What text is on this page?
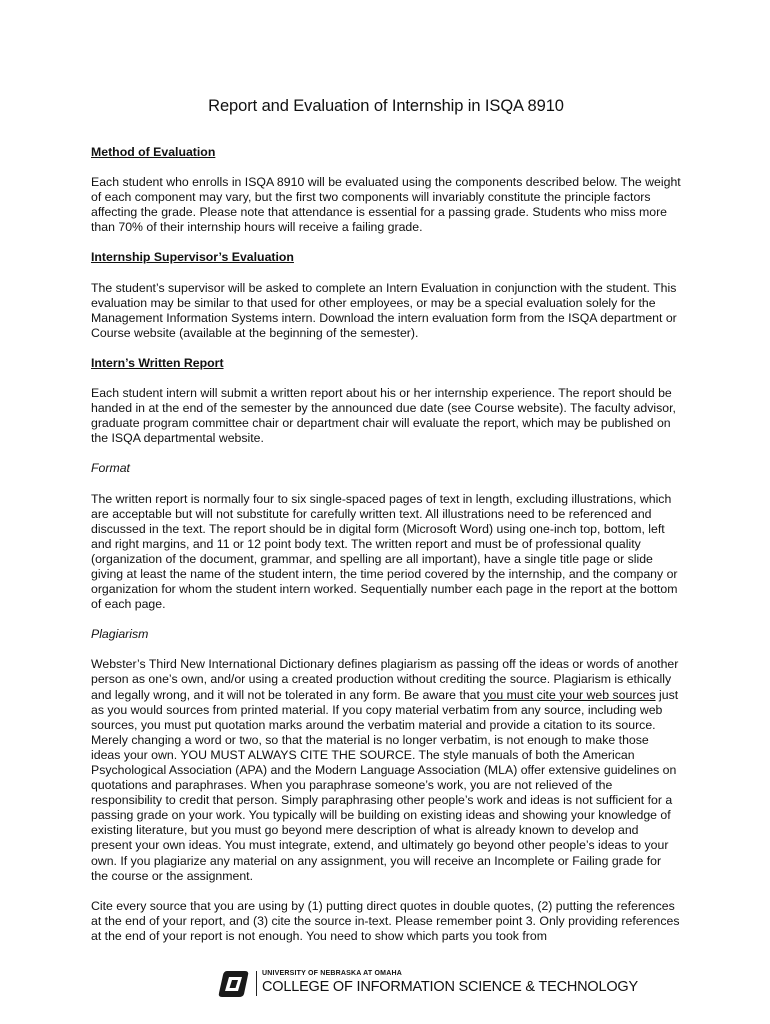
Report and Evaluation of Internship in ISQA 8910
Method of Evaluation

Each student who enrolls in ISQA 8910 will be evaluated using the components described below. The weight of each component may vary, but the first two components will invariably constitute the principle factors affecting the grade. Please note that attendance is essential for a passing grade. Students who miss more than 70% of their internship hours will receive a failing grade.

Internship Supervisor’s Evaluation

The student’s supervisor will be asked to complete an Intern Evaluation in conjunction with the student. This evaluation may be similar to that used for other employees, or may be a special evaluation solely for the Management Information Systems intern. Download the intern evaluation form from the ISQA department or Course website (available at the beginning of the semester).

Intern’s Written Report

Each student intern will submit a written report about his or her internship experience. The report should be handed in at the end of the semester by the announced due date (see Course website). The faculty advisor, graduate program committee chair or department chair will evaluate the report, which may be published on the ISQA departmental website.

Format

The written report is normally four to six single-spaced pages of text in length, excluding illustrations, which are acceptable but will not substitute for carefully written text. All illustrations need to be referenced and discussed in the text. The report should be in digital form (Microsoft Word) using one-inch top, bottom, left and right margins, and 11 or 12 point body text. The written report and must be of professional quality (organization of the document, grammar, and spelling are all important), have a single title page or slide giving at least the name of the student intern, the time period covered by the internship, and the company or organization for whom the student intern worked. Sequentially number each page in the report at the bottom of each page.

Plagiarism

Webster’s Third New International Dictionary defines plagiarism as passing off the ideas or words of another person as one’s own, and/or using a created production without crediting the source. Plagiarism is ethically and legally wrong, and it will not be tolerated in any form. Be aware that you must cite your web sources just as you would sources from printed material. If you copy material verbatim from any source, including web sources, you must put quotation marks around the verbatim material and provide a citation to its source. Merely changing a word or two, so that the material is no longer verbatim, is not enough to make those ideas your own. YOU MUST ALWAYS CITE THE SOURCE. The style manuals of both the American Psychological Association (APA) and the Modern Language Association (MLA) offer extensive guidelines on quotations and paraphrases. When you paraphrase someone’s work, you are not relieved of the responsibility to credit that person. Simply paraphrasing other people’s work and ideas is not sufficient for a passing grade on your work. You typically will be building on existing ideas and showing your knowledge of existing literature, but you must go beyond mere description of what is already known to develop and present your own ideas. You must integrate, extend, and ultimately go beyond other people’s ideas to your own. If you plagiarize any material on any assignment, you will receive an Incomplete or Failing grade for the course or the assignment.

Cite every source that you are using by (1) putting direct quotes in double quotes, (2) putting the references at the end of your report, and (3) cite the source in-text. Please remember point 3. Only providing references at the end of your report is not enough. You need to show which parts you took from

UNIVERSITY OF NEBRASKA AT OMAHA
COLLEGE OF INFORMATION SCIENCE & TECHNOLOGY
